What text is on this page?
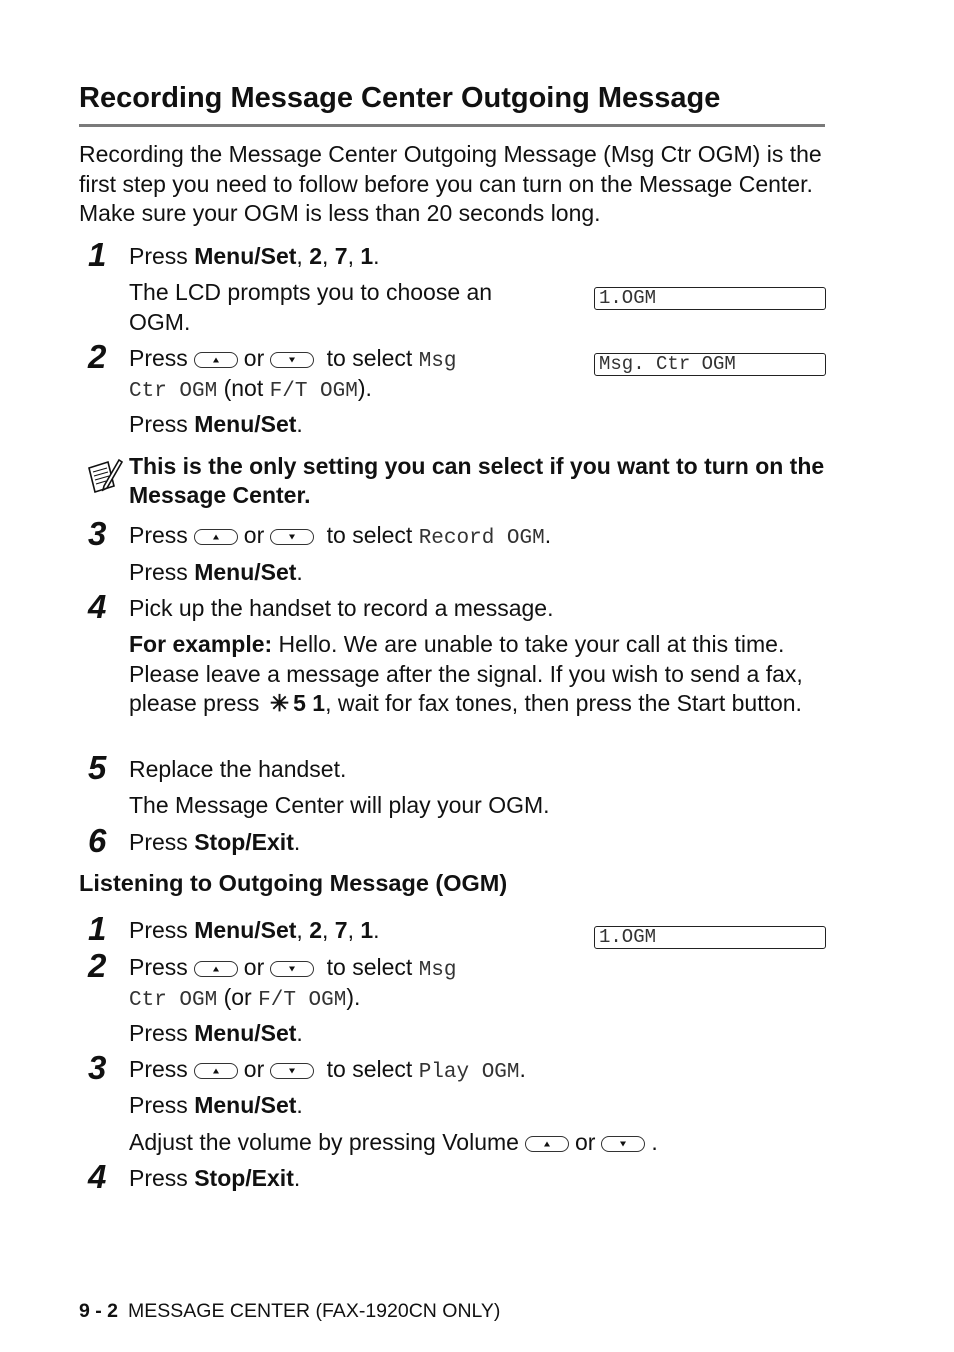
Recording Message Center Outgoing Message

Recording the Message Center Outgoing Message (Msg Ctr OGM) is the first step you need to follow before you can turn on the Message Center. Make sure your OGM is less than 20 seconds long.

1 Press Menu/Set, 2, 7, 1.
The LCD prompts you to choose an OGM.
1.OGM
2 Press or	to select Msg
Ctr OGM (not F/T OGM).
Press Menu/Set.
Msg. Ctr OGM
This is the only setting you can select if you want to turn on the Message Center.
3 Press or	to select Record OGM.
Press Menu/Set.
4 Pick up the handset to record a message.
For example: Hello. We are unable to take your call at this time. Please leave a message after the signal. If you wish to send a fax, please press ✳ 5 1, wait for fax tones, then press the Start button.
5 Replace the handset.
The Message Center will play your OGM.
6 Press Stop/Exit.
Listening to Outgoing Message (OGM)
1 Press Menu/Set, 2, 7, 1.	1.OGM
2 Press or	to select Msg
Ctr OGM (or F/T OGM).
Press Menu/Set.
3 Press or	to select Play OGM.
Press Menu/Set.
Adjust the volume by pressing Volume or .
4 Press Stop/Exit.
9 - 2 MESSAGE CENTER (FAX-1920CN ONLY)
